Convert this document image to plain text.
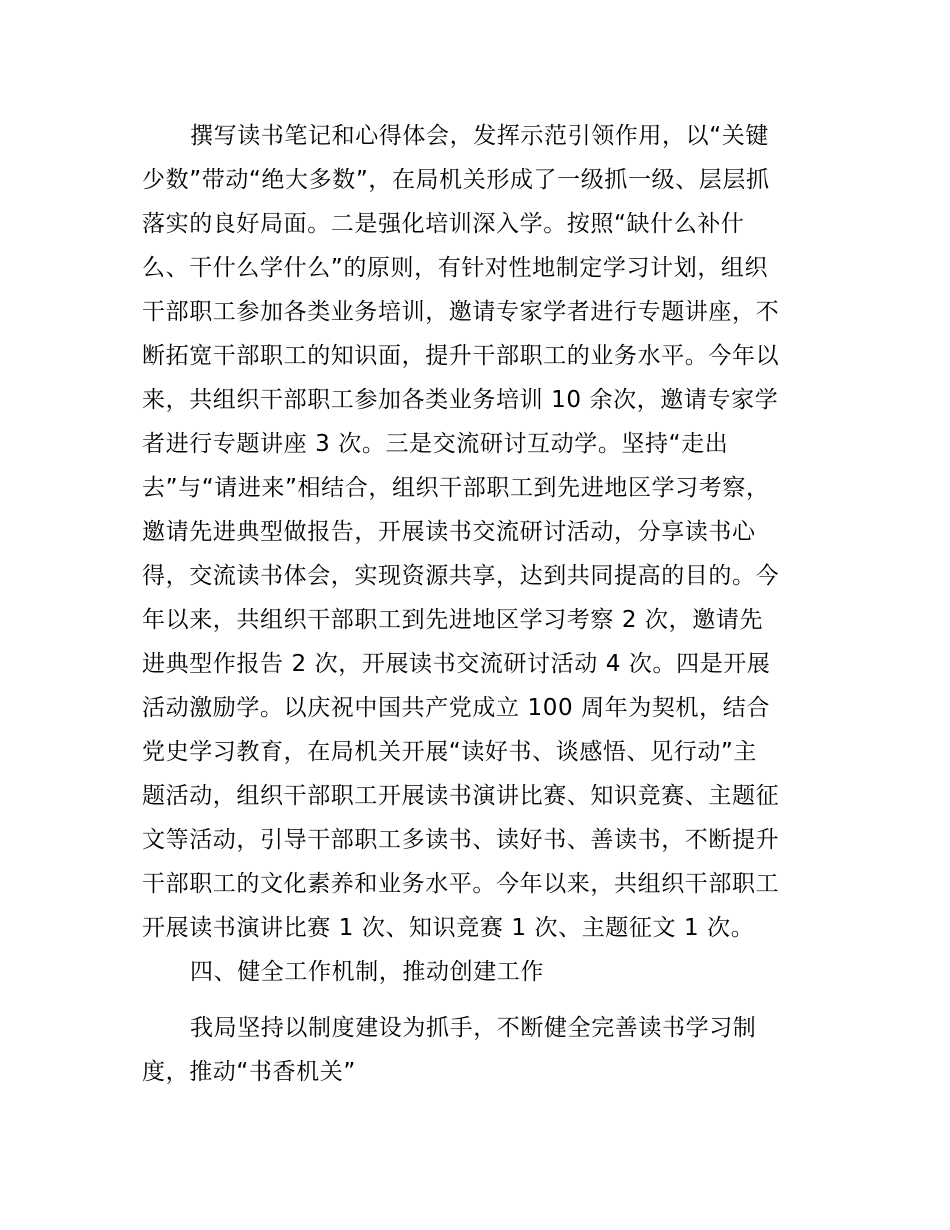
撰写读书笔记和心得体会，发挥示范引领作用，以“关键
少数”带动“绝大多数”，在局机关形成了一级抓一级、层层抓
落实的良好局面。二是强化培训深入学。按照“缺什么补什
么、干什么学什么”的原则，有针对性地制定学习计划，组织
干部职工参加各类业务培训，邀请专家学者进行专题讲座，不
断拓宽干部职工的知识面，提升干部职工的业务水平。今年以
来，共组织干部职工参加各类业务培训 10 余次，邀请专家学
者进行专题讲座 3 次。三是交流研讨互动学。坚持“走出
去”与“请进来”相结合，组织干部职工到先进地区学习考察，
邀请先进典型做报告，开展读书交流研讨活动，分享读书心
得，交流读书体会，实现资源共享，达到共同提高的目的。今
年以来，共组织干部职工到先进地区学习考察 2 次，邀请先
进典型作报告 2 次，开展读书交流研讨活动 4 次。四是开展
活动激励学。以庆祝中国共产党成立 100 周年为契机，结合
党史学习教育，在局机关开展“读好书、谈感悟、见行动”主
题活动，组织干部职工开展读书演讲比赛、知识竞赛、主题征
文等活动，引导干部职工多读书、读好书、善读书，不断提升
干部职工的文化素养和业务水平。今年以来，共组织干部职工
开展读书演讲比赛 1 次、知识竞赛 1 次、主题征文 1 次。
四、健全工作机制，推动创建工作
我局坚持以制度建设为抓手，不断健全完善读书学习制
度，推动“书香机关”
